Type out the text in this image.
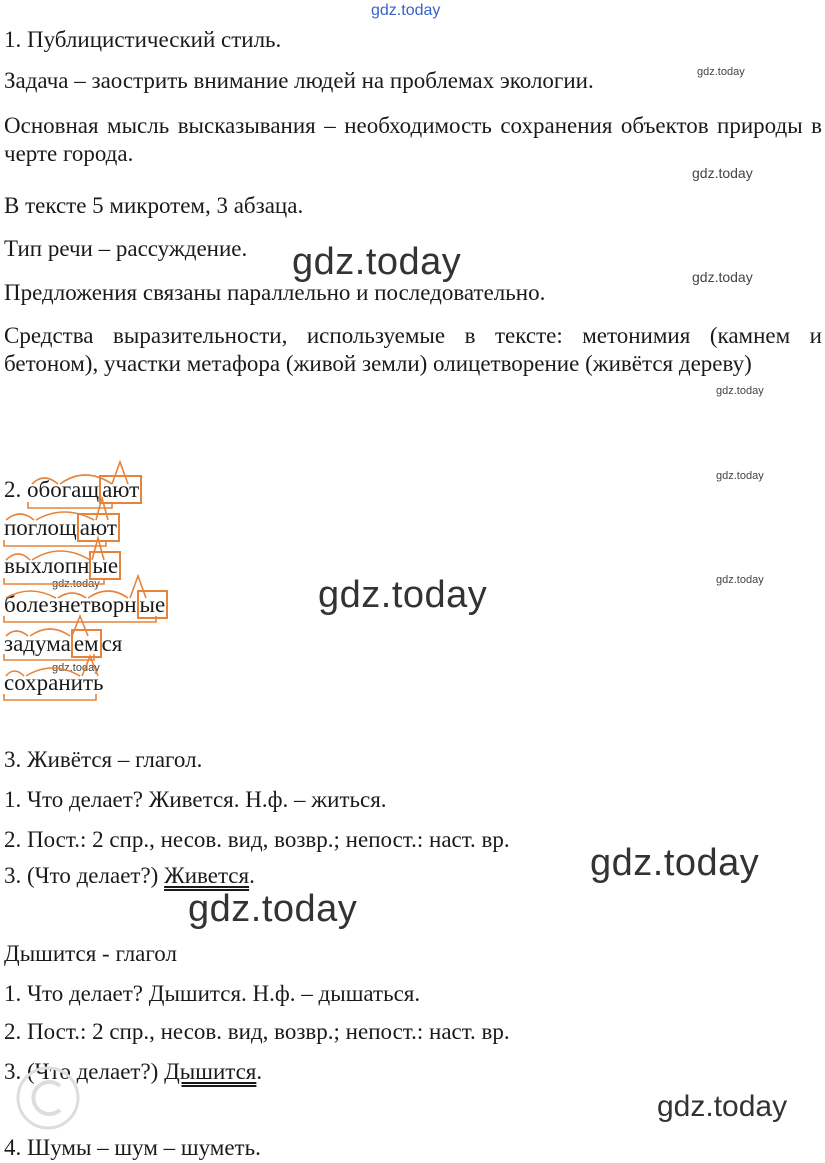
gdz.today
1. Публицистический стиль.
Задача – заострить внимание людей на проблемах экологии.	gdz.today
Основная мысль высказывания – необходимость сохранения объектов природы в черте города.
gdz.today
В тексте 5 микротем, 3 абзаца.
Тип речи – рассуждение. gdz.today	gdz.today
Предложения связаны параллельно и последовательно.
Средства выразительности, используемые в тексте: метонимия (камнем и бетоном), участки метафора (живой земли) олицетворение (живётся дереву)
gdz.today
gdz.today
2. обогащ ают
поглощ ают
выхлопн ые
gdz.today
болезнетворн ые	gdz.today	gdz.today
задума ем ся
gdz.today
сохранить
3. Живётся – глагол.
1. Что делает? Живется. Н.ф. – житься.
2. Пост.: 2 спр., несов. вид, возвр.; непост.: наст. вр.
gdz.today
3. (Что делает?) Живется.
gdz.today
Дышится - глагол
1. Что делает? Дышится. Н.ф. – дышаться.
2. Пост.: 2 спр., несов. вид, возвр.; непост.: наст. вр.
3. (Что делает?) Дышится.
gdz.today
4. Шумы – шум – шуметь.
